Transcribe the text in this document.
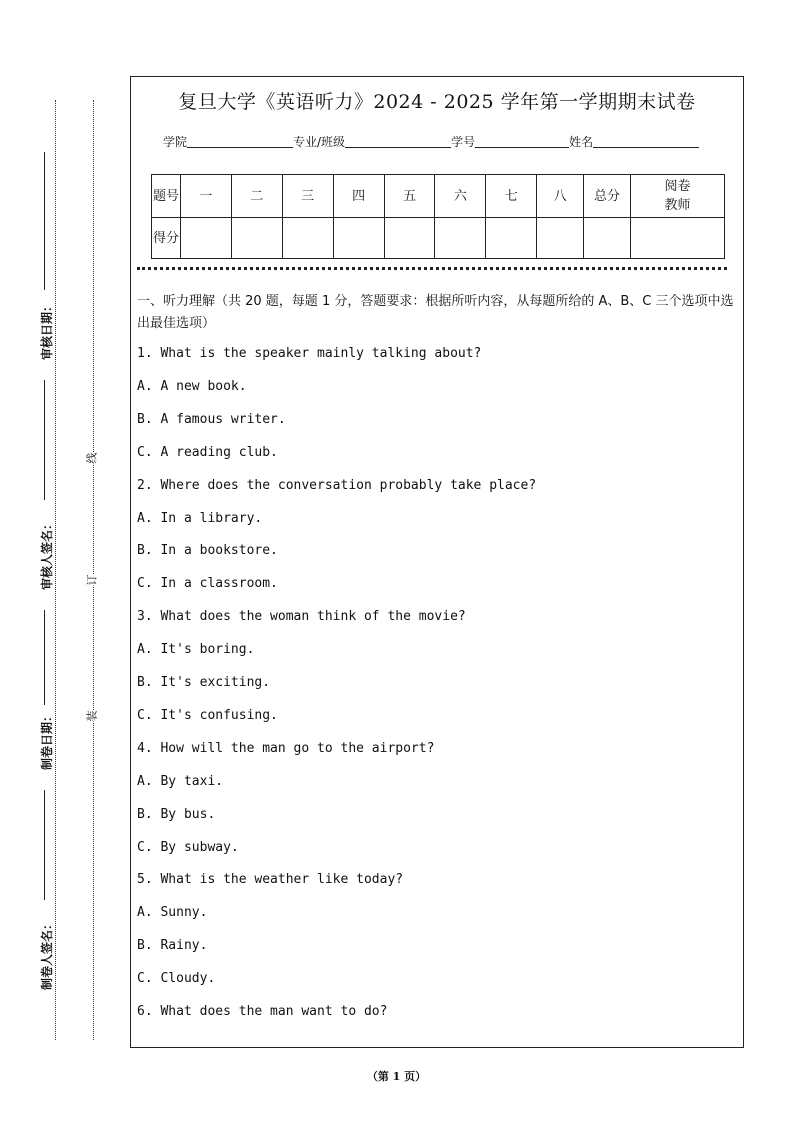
审核日期：
审核人签名：
制卷日期：
制卷人签名：
线
订
装
复旦大学《英语听力》2024 - 2025 学年第一学期期末试卷
学院	专业/班级	学号	姓名
题号	一	二	三	四	五	六	七	八	总分	阅卷教师
得分										
一、听力理解（共 20 题，每题 1 分，答题要求：根据所听内容，从每题所给的 A、B、C 三个选项中选出最佳选项）
1. What is the speaker mainly talking about?
A. A new book.
B. A famous writer.
C. A reading club.
2. Where does the conversation probably take place?
A. In a library.
B. In a bookstore.
C. In a classroom.
3. What does the woman think of the movie?
A. It's boring.
B. It's exciting.
C. It's confusing.
4. How will the man go to the airport?
A. By taxi.
B. By bus.
C. By subway.
5. What is the weather like today?
A. Sunny.
B. Rainy.
C. Cloudy.
6. What does the man want to do?
（第 1 页）
